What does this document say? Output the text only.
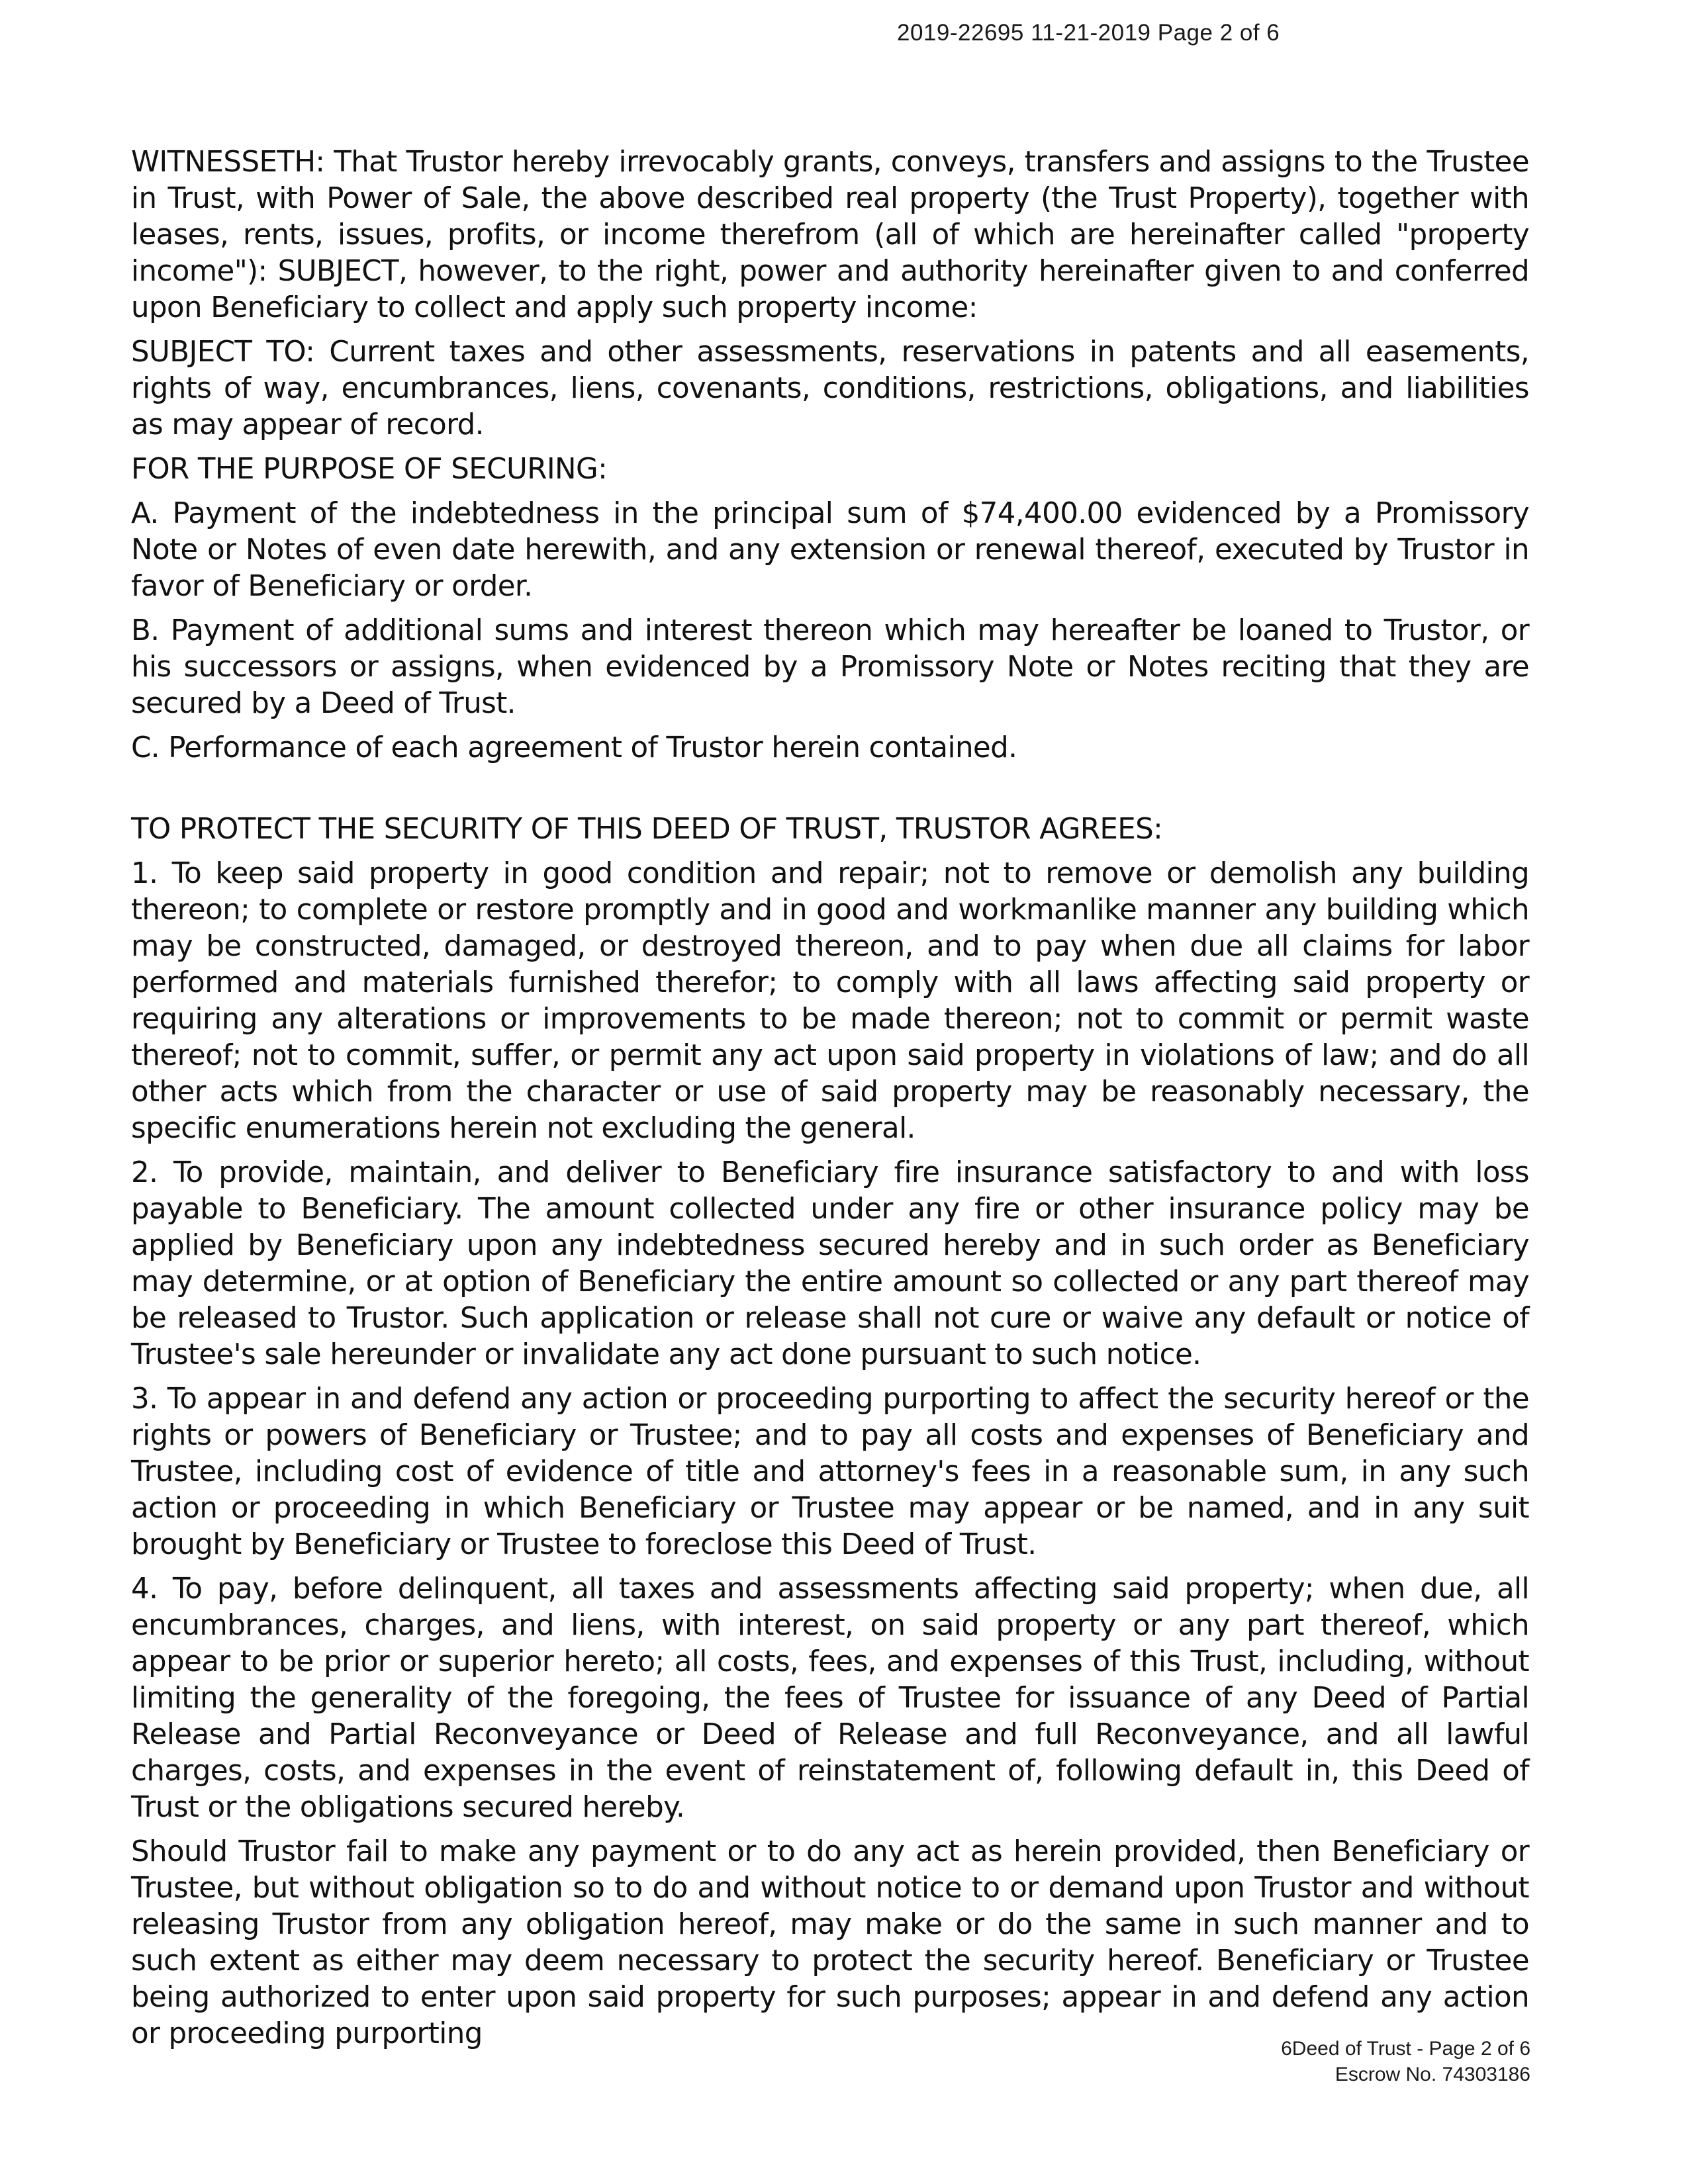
2019-22695 11-21-2019 Page 2 of 6

WITNESSETH: That Trustor hereby irrevocably grants, conveys, transfers and assigns to the Trustee in Trust, with Power of Sale, the above described real property (the Trust Property), together with leases, rents, issues, profits, or income therefrom (all of which are hereinafter called "property income"): SUBJECT, however, to the right, power and authority hereinafter given to and conferred upon Beneficiary to collect and apply such property income:

SUBJECT TO: Current taxes and other assessments, reservations in patents and all easements, rights of way, encumbrances, liens, covenants, conditions, restrictions, obligations, and liabilities as may appear of record.

FOR THE PURPOSE OF SECURING:

A. Payment of the indebtedness in the principal sum of $74,400.00 evidenced by a Promissory Note or Notes of even date herewith, and any extension or renewal thereof, executed by Trustor in favor of Beneficiary or order.

B. Payment of additional sums and interest thereon which may hereafter be loaned to Trustor, or his successors or assigns, when evidenced by a Promissory Note or Notes reciting that they are secured by a Deed of Trust.

C. Performance of each agreement of Trustor herein contained.

TO PROTECT THE SECURITY OF THIS DEED OF TRUST, TRUSTOR AGREES:

1. To keep said property in good condition and repair; not to remove or demolish any building thereon; to complete or restore promptly and in good and workmanlike manner any building which may be constructed, damaged, or destroyed thereon, and to pay when due all claims for labor performed and materials furnished therefor; to comply with all laws affecting said property or requiring any alterations or improvements to be made thereon; not to commit or permit waste thereof; not to commit, suffer, or permit any act upon said property in violations of law; and do all other acts which from the character or use of said property may be reasonably necessary, the specific enumerations herein not excluding the general.

2. To provide, maintain, and deliver to Beneficiary fire insurance satisfactory to and with loss payable to Beneficiary. The amount collected under any fire or other insurance policy may be applied by Beneficiary upon any indebtedness secured hereby and in such order as Beneficiary may determine, or at option of Beneficiary the entire amount so collected or any part thereof may be released to Trustor. Such application or release shall not cure or waive any default or notice of Trustee's sale hereunder or invalidate any act done pursuant to such notice.

3. To appear in and defend any action or proceeding purporting to affect the security hereof or the rights or powers of Beneficiary or Trustee; and to pay all costs and expenses of Beneficiary and Trustee, including cost of evidence of title and attorney's fees in a reasonable sum, in any such action or proceeding in which Beneficiary or Trustee may appear or be named, and in any suit brought by Beneficiary or Trustee to foreclose this Deed of Trust.

4. To pay, before delinquent, all taxes and assessments affecting said property; when due, all encumbrances, charges, and liens, with interest, on said property or any part thereof, which appear to be prior or superior hereto; all costs, fees, and expenses of this Trust, including, without limiting the generality of the foregoing, the fees of Trustee for issuance of any Deed of Partial Release and Partial Reconveyance or Deed of Release and full Reconveyance, and all lawful charges, costs, and expenses in the event of reinstatement of, following default in, this Deed of Trust or the obligations secured hereby.

Should Trustor fail to make any payment or to do any act as herein provided, then Beneficiary or Trustee, but without obligation so to do and without notice to or demand upon Trustor and without releasing Trustor from any obligation hereof, may make or do the same in such manner and to such extent as either may deem necessary to protect the security hereof. Beneficiary or Trustee being authorized to enter upon said property for such purposes; appear in and defend any action or proceeding purporting	6Deed of Trust - Page 2 of 6
Escrow No. 74303186
